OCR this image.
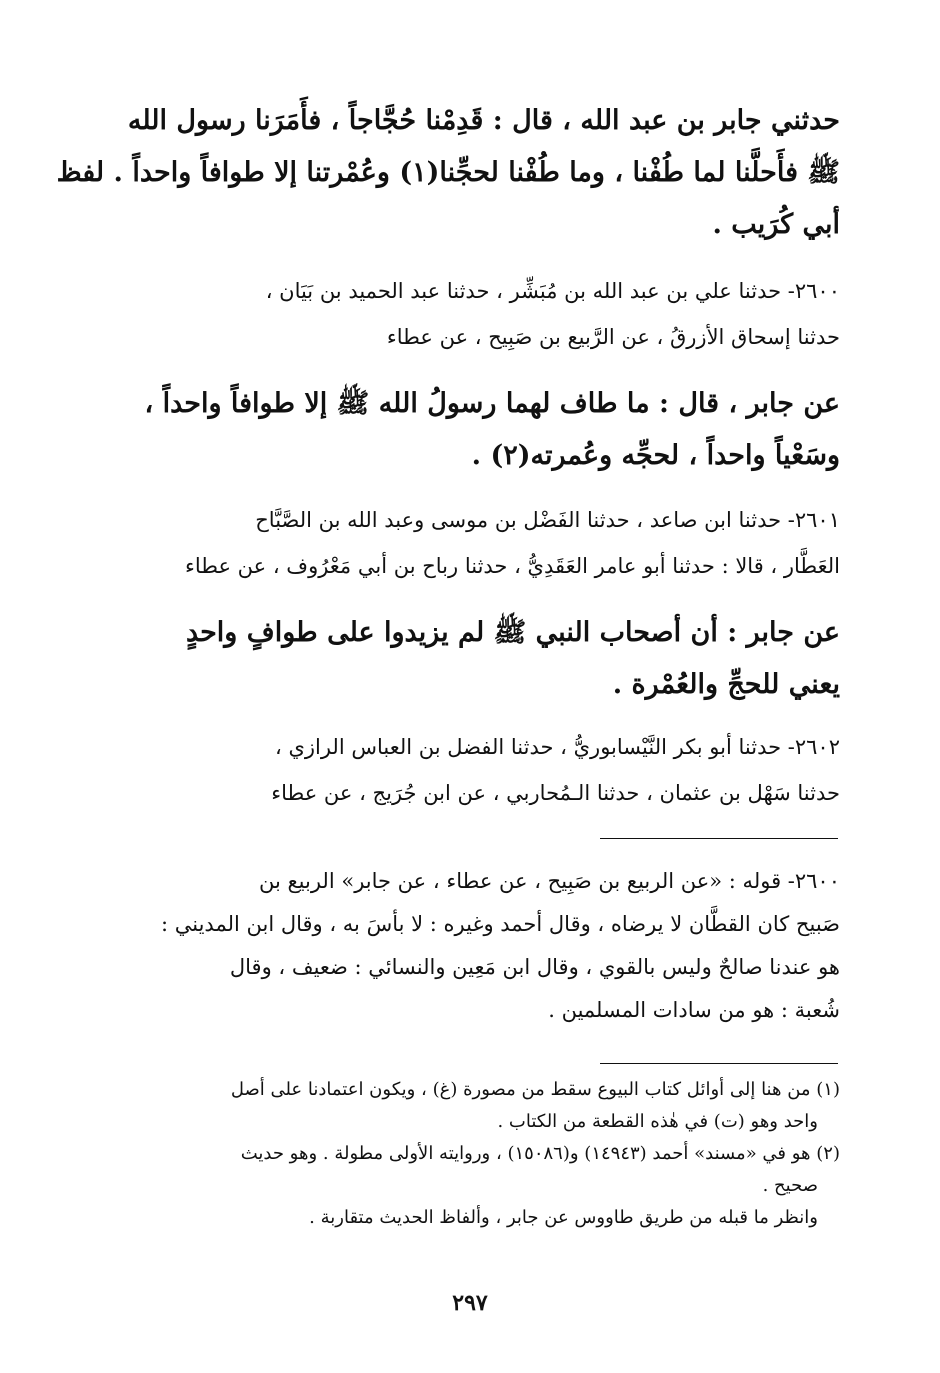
حدثني جابر بن عبد الله ، قال : قَدِمْنا حُجَّاجاً ، فأَمَرَنا رسول الله
ﷺ فأَحلَّنا لما طُفْنا ، وما طُفْنا لحجِّنا(١) وعُمْرتنا إلا طوافاً واحداً . لفظ
أبي كُرَيب .
٢٦٠٠- حدثنا علي بن عبد الله بن مُبَشِّر ، حدثنا عبد الحميد بن بَيَان ،
حدثنا إسحاق الأزرقُ ، عن الرَّبيع بن صَبِيح ، عن عطاء
عن جابر ، قال : ما طاف لهما رسولُ الله ﷺ إلا طوافاً واحداً ،
وسَعْياً واحداً ، لحجِّه وعُمرته(٢) .
٢٦٠١- حدثنا ابن صاعد ، حدثنا الفَضْل بن موسى وعبد الله بن الصَّبَّاح
العَطَّار ، قالا : حدثنا أبو عامر العَقَدِيُّ ، حدثنا رباح بن أبي مَعْرُوف ، عن عطاء
عن جابر : أن أصحاب النبي ﷺ لم يزيدوا على طوافٍ واحدٍ
يعني للحجِّ والعُمْرة .
٢٦٠٢- حدثنا أبو بكر النَّيْسابوريُّ ، حدثنا الفضل بن العباس الرازي ،
حدثنا سَهْل بن عثمان ، حدثنا الـمُحاربي ، عن ابن جُرَيج ، عن عطاء
٢٦٠٠- قوله : «عن الربيع بن صَبِيح ، عن عطاء ، عن جابر» الربيع بن
صَبيح كان القطَّان لا يرضاه ، وقال أحمد وغيره : لا بأسَ به ، وقال ابن المديني :
هو عندنا صالحٌ وليس بالقوي ، وقال ابن مَعِين والنسائي : ضعيف ، وقال
شُعبة : هو من سادات المسلمين .
(١) من هنا إلى أوائل كتاب البيوع سقط من مصورة (غ) ، ويكون اعتمادنا على أصل
واحد وهو (ت) في هٰذه القطعة من الكتاب .
(٢) هو في «مسند» أحمد (١٤٩٤٣) و(١٥٠٨٦) ، وروايته الأولى مطولة . وهو حديث
صحيح .
وانظر ما قبله من طريق طاووس عن جابر ، وألفاظ الحديث متقاربة .
٢٩٧
